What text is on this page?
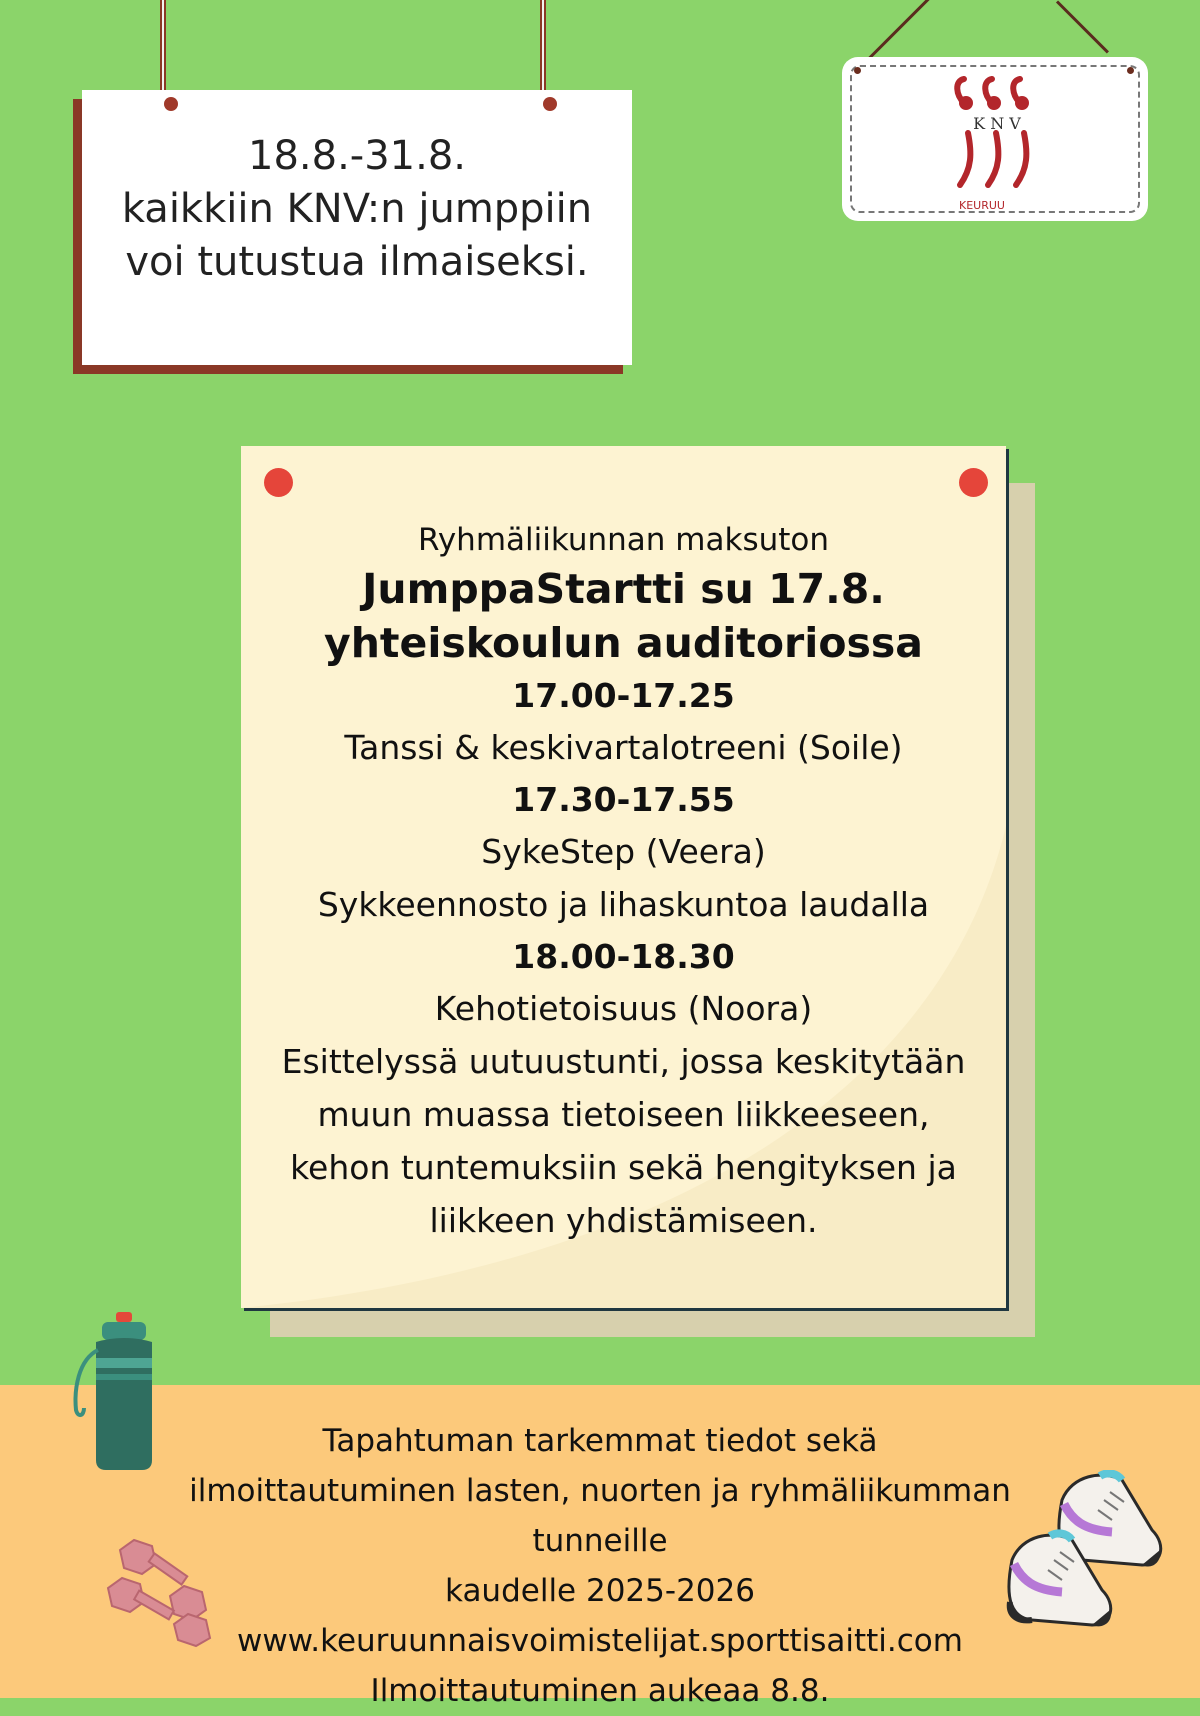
18.8.-31.8.
kaikkiin KNV:n jumppiin
voi tutustua ilmaiseksi.
K N V
KEURUU
Ryhmäliikunnan maksuton
JumppaStartti su 17.8.
yhteiskoulun auditoriossa
17.00-17.25
Tanssi & keskivartalotreeni (Soile)
17.30-17.55
SykeStep (Veera)
Sykkeennosto ja lihaskuntoa laudalla
18.00-18.30
Kehotietoisuus (Noora)
Esittelyssä uutuustunti, jossa keskitytään muun muassa tietoiseen liikkeeseen, kehon tuntemuksiin sekä hengityksen ja liikkeen yhdistämiseen.
Tapahtuman tarkemmat tiedot sekä
ilmoittautuminen lasten, nuorten ja ryhmäliikumman tunneille
kaudelle 2025-2026
www.keuruunnaisvoimistelijat.sporttisaitti.com
Ilmoittautuminen aukeaa 8.8.
